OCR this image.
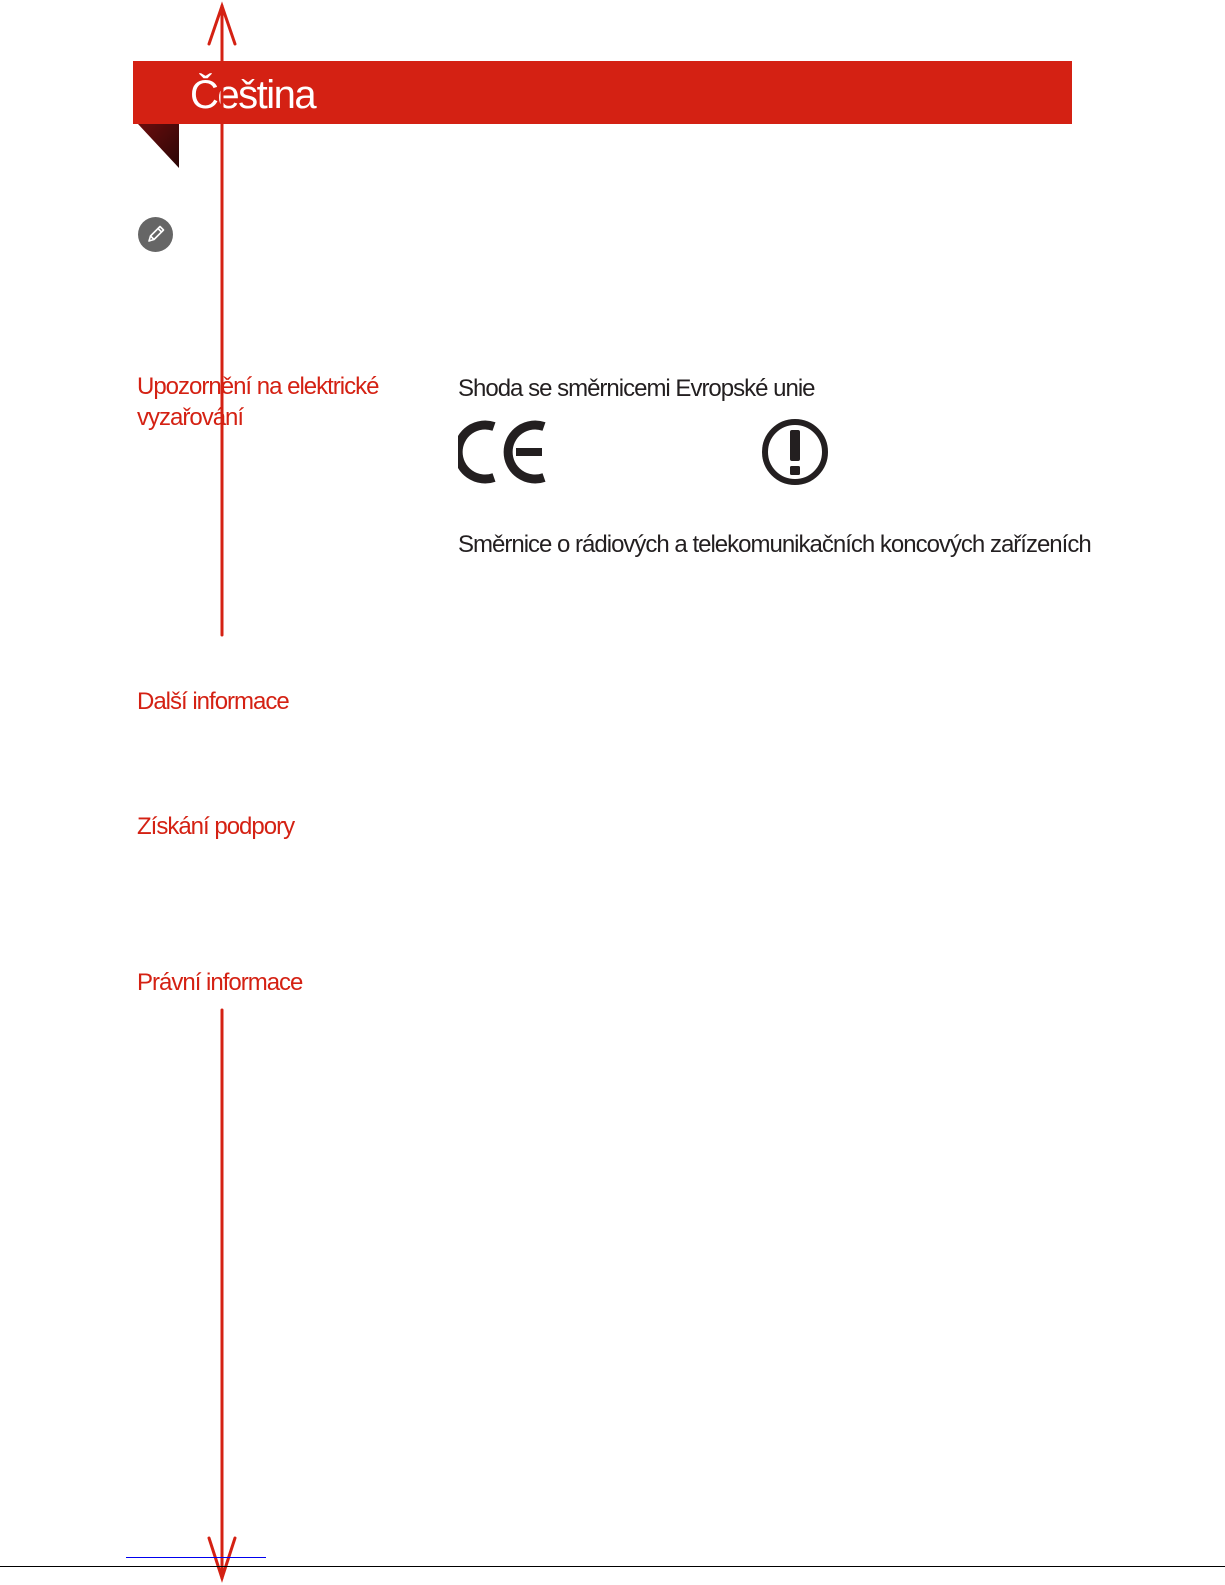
Čeština
Upozornění na elektrické
vyzařování
Další informace
Získání podpory
Právní informace
Shoda se směrnicemi Evropské unie
Směrnice o rádiových a telekomunikačních koncových zařízeních
